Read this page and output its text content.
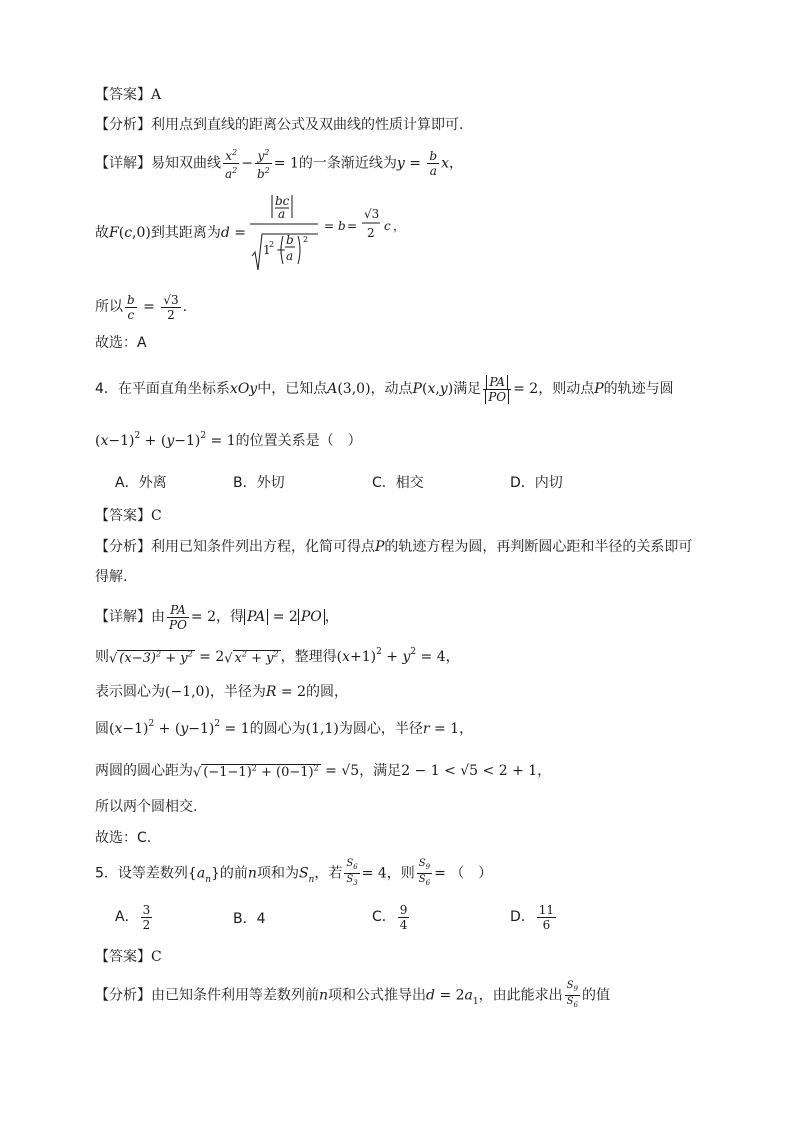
【答案】A
【分析】利用点到直线的距离公式及双曲线的性质计算即可.
【详解】易知双曲线 $\frac{x^2}{a^2} - \frac{y^2}{b^2} = 1$的一条渐近线为$y = \frac{b}{a}$ x，
故F(c,0)到其距离为d =
bc
a
1
2 +
b
a
2
= b =
√3
2 c ，
所以 $\frac{b}{c} = \frac{√3}{2}$ .
故选：A
4．在平面直角坐标系xOy中，已知点A(3,0)，动点P(x,y)满足 $\frac{PA}{PO} = 2$，则动点P的轨迹与圆
$(x-1)^2 + (y-1)^2 = 1$的位置关系是（　）
A．外离	B．外切	C．相交	D．内切
【答案】C
【分析】利用已知条件列出方程，化简可得点P的轨迹方程为圆，再判断圆心距和半径的关系即可
得解.
【详解】由 $\frac{PA}{PO} = 2$，得 PA = 2 PO ，
则√ $(x-3)^2 + y^2 = 2√$ $x^2 + y^2$ ，整理得$(x+1)^2 + y^2 = 4$，
表示圆心为(−1,0)，半径为R = 2的圆，
圆$(x-1)^2 + (y-1)^2 = 1$的圆心为(1,1)为圆心，半径r = 1，
两圆的圆心距为√ $(-1-1)^2 + (0-1)^2 = √5$，满足2 − 1 < √5 < 2 + 1，
所以两个圆相交.
故选：C.
5．设等差数列$\{a_n\}$的前n项和为$S_n$，若 $\frac{S_6}{S_3} = 4$，则 $\frac{S_9}{S_6}$ = （　）
A． $\frac{3}{2}$	B．4	C． $\frac{9}{4}$	D． $\frac{11}{6}$
【答案】C
【分析】由已知条件利用等差数列前n项和公式推导出$d = 2a_1$，由此能求出 $\frac{S_9}{S_6}$ 的值
